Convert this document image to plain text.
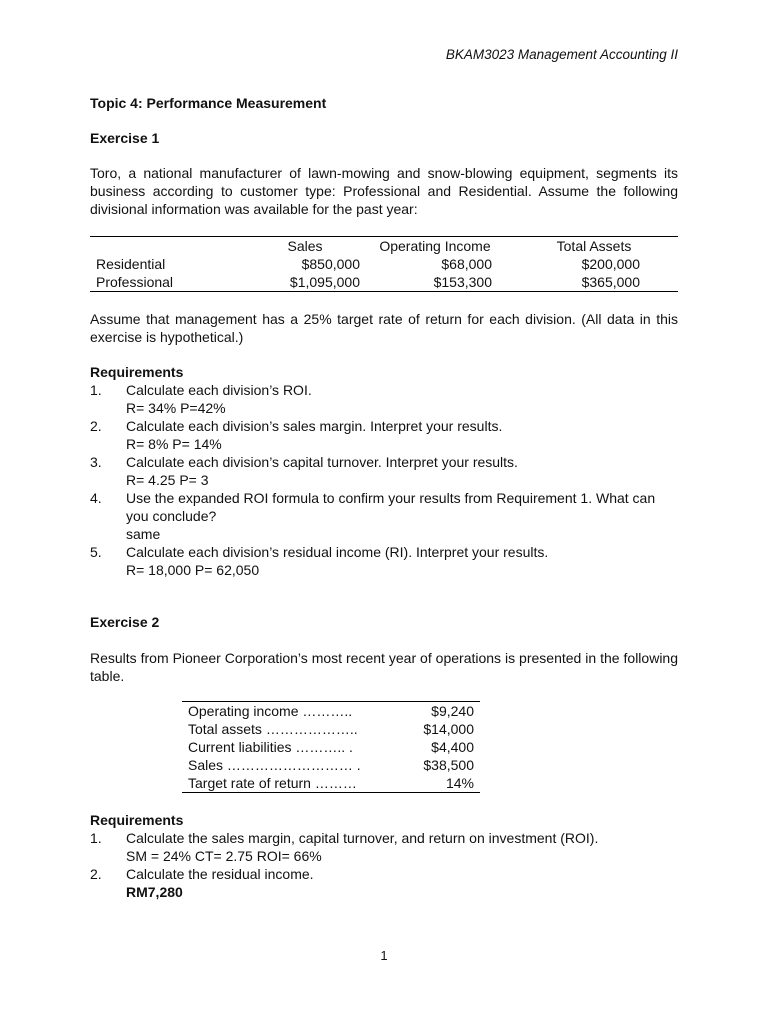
BKAM3023 Management Accounting II
Topic 4: Performance Measurement
Exercise 1
Toro, a national manufacturer of lawn-mowing and snow-blowing equipment, segments its business according to customer type: Professional and Residential. Assume the following divisional information was available for the past year:
	Sales	Operating Income	Total Assets
Residential	$850,000	$68,000	$200,000
Professional	$1,095,000	$153,300	$365,000
Assume that management has a 25% target rate of return for each division. (All data in this exercise is hypothetical.)
Requirements
1. Calculate each division’s ROI.
R= 34% P=42%
2. Calculate each division’s sales margin. Interpret your results.
R= 8% P= 14%
3. Calculate each division’s capital turnover. Interpret your results.
R= 4.25 P= 3
4. Use the expanded ROI formula to confirm your results from Requirement 1. What can you conclude?
same
5. Calculate each division’s residual income (RI). Interpret your results.
R= 18,000 P= 62,050
Exercise 2
Results from Pioneer Corporation’s most recent year of operations is presented in the following table.
Operating income ………..	$9,240
Total assets ………………..	$14,000
Current liabilities ……….. .	$4,400
Sales ……………………… .	$38,500
Target rate of return ………	14%
Requirements
1. Calculate the sales margin, capital turnover, and return on investment (ROI).
SM = 24% CT= 2.75 ROI= 66%
2. Calculate the residual income.
RM7,280
1
